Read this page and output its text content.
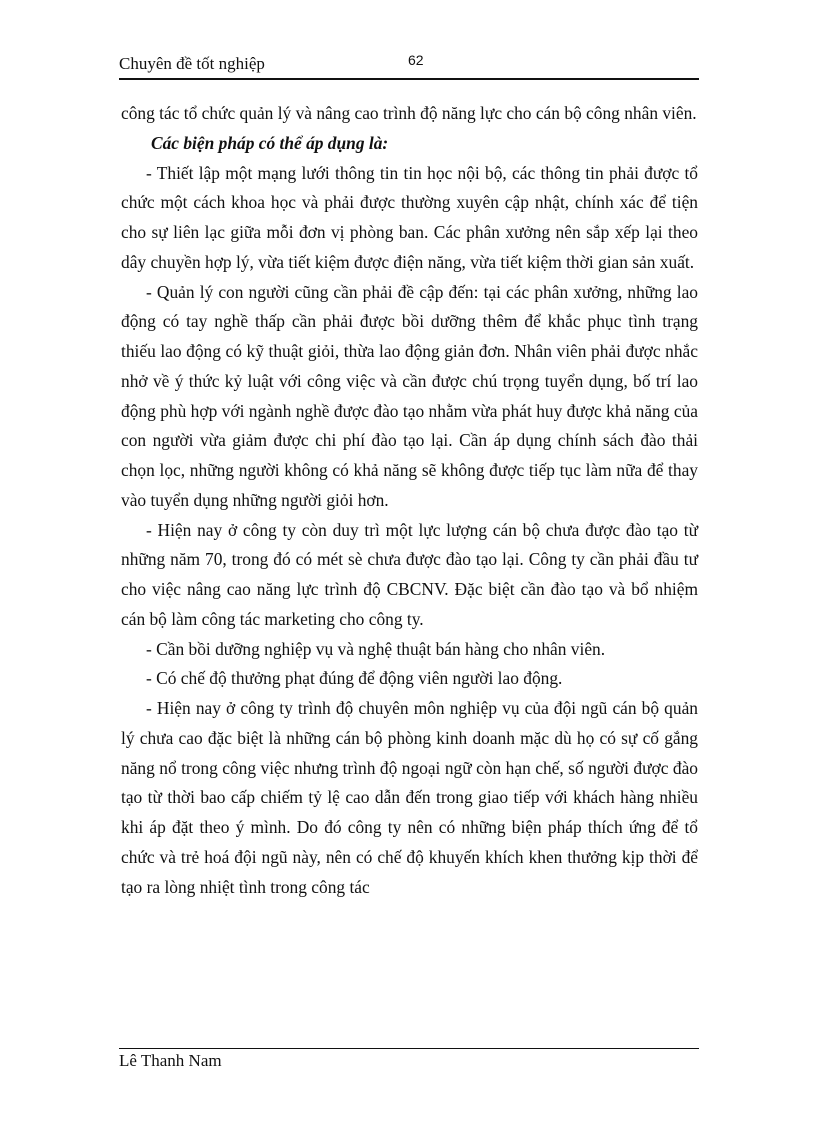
Chuyên đề tốt nghiệp	62

công tác tổ chức quản lý và nâng cao trình độ năng lực cho cán bộ công nhân viên.

Các biện pháp có thể áp dụng là:

- Thiết lập một mạng lưới thông tin tin học nội bộ, các thông tin phải được tổ chức một cách khoa học và phải được thường xuyên cập nhật, chính xác để tiện cho sự liên lạc giữa mỗi đơn vị phòng ban. Các phân xưởng nên sắp xếp lại theo dây chuyền hợp lý, vừa tiết kiệm được điện năng, vừa tiết kiệm thời gian sản xuất.

- Quản lý con người cũng cần phải đề cập đến: tại các phân xưởng, những lao động có tay nghề thấp cần phải được bồi dưỡng thêm để khắc phục tình trạng thiếu lao động có kỹ thuật giỏi, thừa lao động giản đơn. Nhân viên phải được nhắc nhở về ý thức kỷ luật với công việc và cần được chú trọng tuyển dụng, bố trí lao động phù hợp với ngành nghề được đào tạo nhằm vừa phát huy được khả năng của con người vừa giảm được chi phí đào tạo lại. Cần áp dụng chính sách đào thải chọn lọc, những người không có khả năng sẽ không được tiếp tục làm nữa để thay vào tuyển dụng những người giỏi hơn.

- Hiện nay ở công ty còn duy trì một lực lượng cán bộ chưa được đào tạo từ những năm 70, trong đó có mét sè chưa được đào tạo lại. Công ty cần phải đầu tư cho việc nâng cao năng lực trình độ CBCNV. Đặc biệt cần đào tạo và bổ nhiệm cán bộ làm công tác marketing cho công ty.

- Cần bồi dưỡng nghiệp vụ và nghệ thuật bán hàng cho nhân viên.

- Có chế độ thưởng phạt đúng để động viên người lao động.

- Hiện nay ở công ty trình độ chuyên môn nghiệp vụ của đội ngũ cán bộ quản lý chưa cao đặc biệt là những cán bộ phòng kinh doanh mặc dù họ có sự cố gắng năng nổ trong công việc nhưng trình độ ngoại ngữ còn hạn chế, số người được đào tạo từ thời bao cấp chiếm tỷ lệ cao dẫn đến trong giao tiếp với khách hàng nhiều khi áp đặt theo ý mình. Do đó công ty nên có những biện pháp thích ứng để tổ chức và trẻ hoá đội ngũ này, nên có chế độ khuyến khích khen thưởng kịp thời để tạo ra lòng nhiệt tình trong công tác

Lê Thanh Nam
